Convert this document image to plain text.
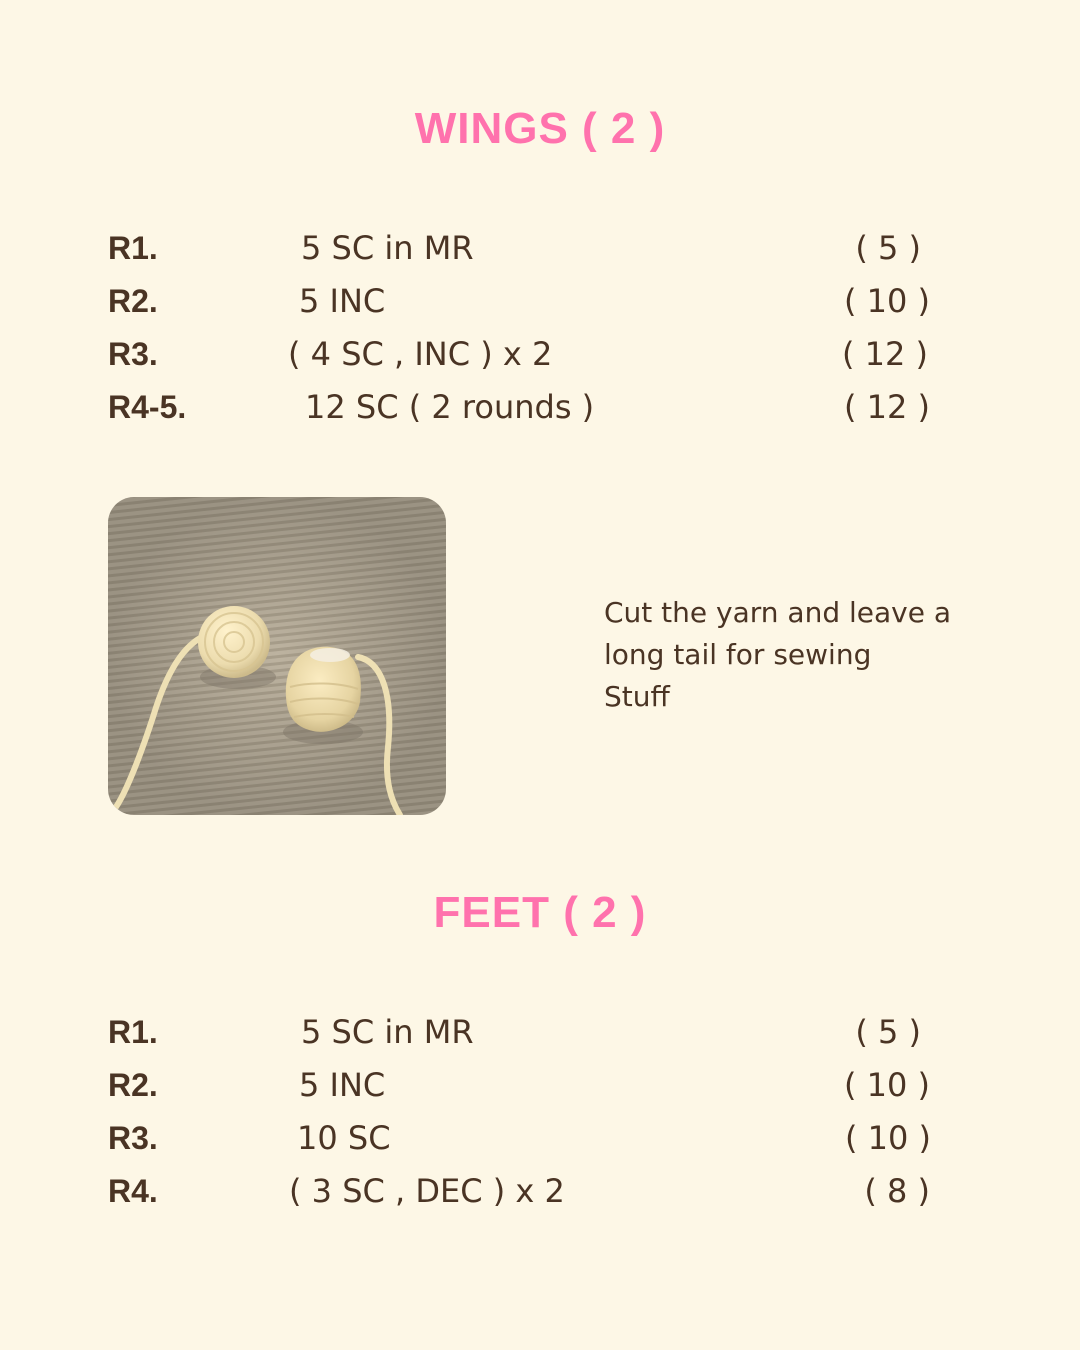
WINGS ( 2 )
R1.	5 SC in MR	( 5 )
R2.	5 INC	( 10 )
R3.	( 4 SC , INC ) x 2	( 12 )
R4-5.	12 SC ( 2 rounds )	( 12 )
Cut the yarn and leave a
long tail for sewing
Stuff
FEET ( 2 )
R1.	5 SC in MR	( 5 )
R2.	5 INC	( 10 )
R3.	10 SC	( 10 )
R4.	( 3 SC , DEC ) x 2	( 8 )
